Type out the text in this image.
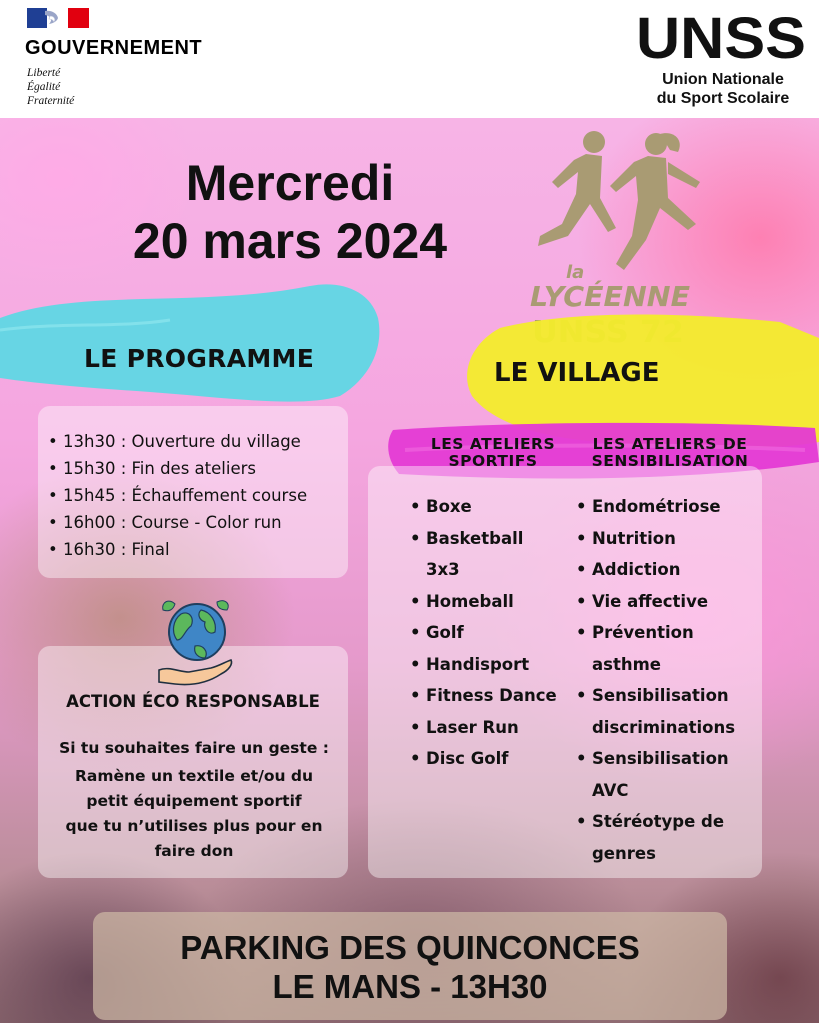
GOUVERNEMENT
Liberté
Égalité
Fraternité
UNSS
Union Nationale
du Sport Scolaire
Mercredi
20 mars 2024
la
LYCÉENNE
LE PROGRAMME	LE VILLAGE
• 13h30 : Ouverture du village
• 15h30 : Fin des ateliers
• 15h45 : Échauffement course
• 16h00 : Course - Color run
• 16h30 : Final
ACTION ÉCO RESPONSABLE
Si tu souhaites faire un geste :
Ramène un textile et/ou du
petit équipement sportif
que tu n’utilises plus pour en
faire don
LES ATELIERS
SPORTIFS
LES ATELIERS DE
SENSIBILISATION
• Boxe
• Basketball 3x3
• Homeball
• Golf
• Handisport
• Fitness Dance
• Laser Run
• Disc Golf
• Endométriose
• Nutrition
• Addiction
• Vie affective
• Prévention asthme
• Sensibilisation discriminations
• Sensibilisation AVC
• Stéréotype de genres
PARKING DES QUINCONCES
LE MANS - 13H30
